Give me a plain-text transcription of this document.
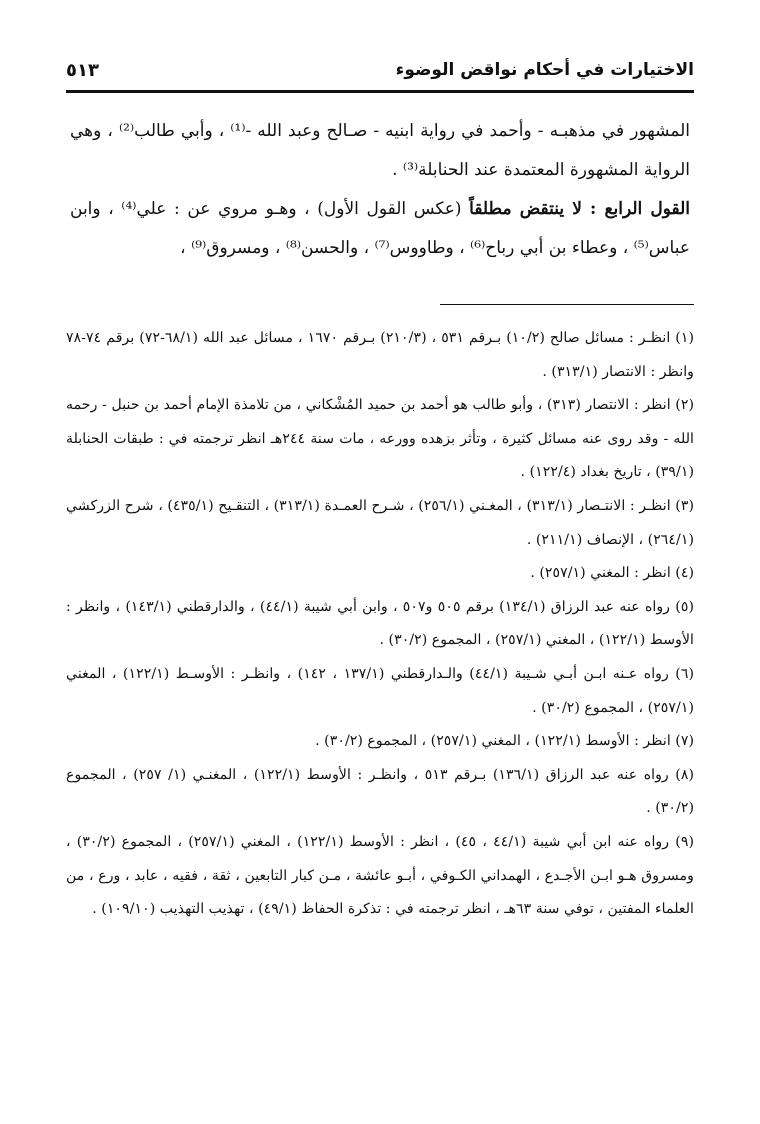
الاختيارات في أحكام نواقض الوضوء
٥١٣

المشهور في مذهبـه - وأحمد في رواية ابنيه - صـالح وعبد الله -⁽¹⁾ ، وأبي طالب⁽²⁾ ، وهي الرواية المشهورة المعتمدة عند الحنابلة⁽³⁾ .

القول الرابع : لا ينتقض مطلقاً (عكس القول الأول) ، وهـو مروي عن : علي⁽⁴⁾ ، وابن عباس⁽⁵⁾ ، وعطاء بن أبي رباح⁽⁶⁾ ، وطاووس⁽⁷⁾ ، والحسن⁽⁸⁾ ، ومسروق⁽⁹⁾ ،

(١) انظـر : مسائل صالح (١٠/٢) بـرقم ٥٣١ ، (٢١٠/٣) بـرقم ١٦٧٠ ، مسائل عبد الله (٦٨/١-٧٢) برقم ٧٤-٧٨ وانظر : الانتصار (٣١٣/١) .

(٢) انظر : الانتصار (٣١٣) ، وأبو طالب هو أحمد بن حميد المُشْكاني ، من تلامذة الإمام أحمد بن حنبل - رحمه الله - وقد روى عنه مسائل كثيرة ، وتأثر بزهده وورعه ، مات سنة ٢٤٤هـ انظر ترجمته في : طبقات الحنابلة (٣٩/١) ، تاريخ بغداد (١٢٢/٤) .

(٣) انظـر : الانتـصار (٣١٣/١) ، المغـني (٢٥٦/١) ، شـرح العمـدة (٣١٣/١) ، التنقـيح (٤٣٥/١) ، شرح الزركشي (٢٦٤/١) ، الإنصاف (٢١١/١) .

(٤) انظر : المغني (٢٥٧/١) .

(٥) رواه عنه عبد الرزاق (١٣٤/١) برقم ٥٠٥ و٥٠٧ ، وابن أبي شيبة (٤٤/١) ، والدارقطني (١٤٣/١) ، وانظر : الأوسط (١٢٢/١) ، المغني (٢٥٧/١) ، المجموع (٣٠/٢) .

(٦) رواه عـنه ابـن أبـي شـيبة (٤٤/١) والـدارقطني (١٣٧/١ ، ١٤٢) ، وانظـر : الأوسـط (١٢٢/١) ، المغني (٢٥٧/١) ، المجموع (٣٠/٢) .

(٧) انظر : الأوسط (١٢٢/١) ، المغني (٢٥٧/١) ، المجموع (٣٠/٢) .

(٨) رواه عنه عبد الرزاق (١٣٦/١) بـرقم ٥١٣ ، وانظـر : الأوسط (١٢٢/١) ، المغنـي (١/ ٢٥٧) ، المجموع (٣٠/٢) .

(٩) رواه عنه ابن أبي شيبة (٤٤/١ ، ٤٥) ، انظر : الأوسط (١٢٢/١) ، المغني (٢٥٧/١) ، المجموع (٣٠/٢) ، ومسروق هـو ابـن الأجـدع ، الهمداني الكـوفي ، أبـو عائشة ، مـن كبار التابعين ، ثقة ، فقيه ، عابد ، ورع ، من العلماء المفتين ، توفي سنة ٦٣هـ ، انظر ترجمته في : تذكرة الحفاظ (٤٩/١) ، تهذيب التهذيب (١٠٩/١٠) .
